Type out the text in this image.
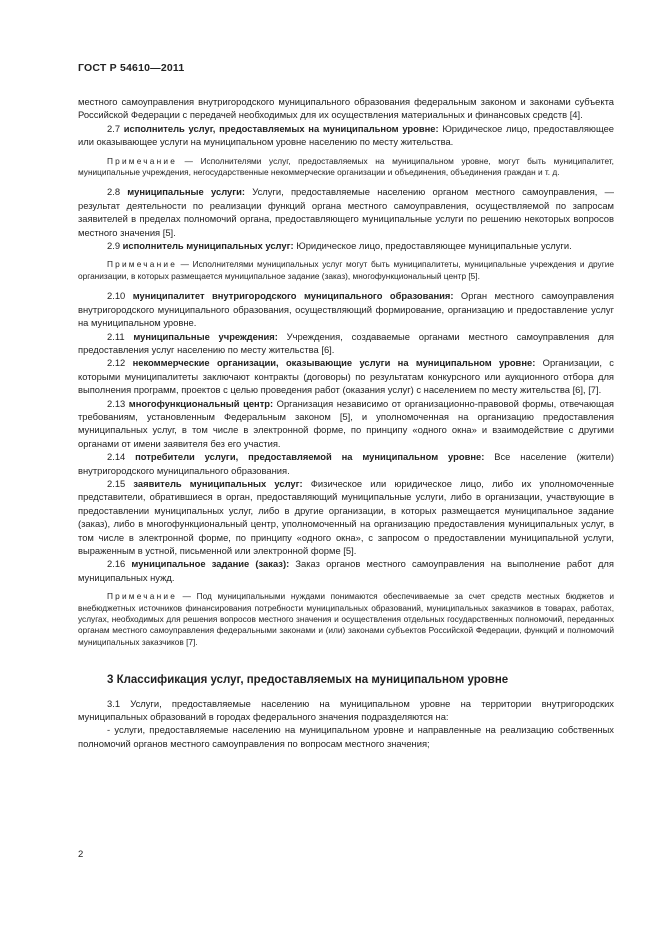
ГОСТ Р 54610—2011

местного самоуправления внутригородского муниципального образования федеральным законом и законами субъекта Российской Федерации с передачей необходимых для их осуществления материальных и финансовых средств [4].

2.7 исполнитель услуг, предоставляемых на муниципальном уровне: Юридическое лицо, предоставляющее или оказывающее услуги на муниципальном уровне населению по месту жительства.

Примечание — Исполнителями услуг, предоставляемых на муниципальном уровне, могут быть муниципалитет, муниципальные учреждения, негосударственные некоммерческие организации и объединения, объединения граждан и т. д.

2.8 муниципальные услуги: Услуги, предоставляемые населению органом местного самоуправления, — результат деятельности по реализации функций органа местного самоуправления, осуществляемой по запросам заявителей в пределах полномочий органа, предоставляющего муниципальные услуги по решению некоторых вопросов местного значения [5].

2.9 исполнитель муниципальных услуг: Юридическое лицо, предоставляющее муниципальные услуги.

Примечание — Исполнителями муниципальных услуг могут быть муниципалитеты, муниципальные учреждения и другие организации, в которых размещается муниципальное задание (заказ), многофункциональный центр [5].

2.10 муниципалитет внутригородского муниципального образования: Орган местного самоуправления внутригородского муниципального образования, осуществляющий формирование, организацию и предоставление услуг на муниципальном уровне.

2.11 муниципальные учреждения: Учреждения, создаваемые органами местного самоуправления для предоставления услуг населению по месту жительства [6].

2.12 некоммерческие организации, оказывающие услуги на муниципальном уровне: Организации, с которыми муниципалитеты заключают контракты (договоры) по результатам конкурсного или аукционного отбора для выполнения программ, проектов с целью проведения работ (оказания услуг) с населением по месту жительства [6], [7].

2.13 многофункциональный центр: Организация независимо от организационно-правовой формы, отвечающая требованиям, установленным Федеральным законом [5], и уполномоченная на организацию предоставления муниципальных услуг, в том числе в электронной форме, по принципу «одного окна» и взаимодействие с другими органами от имени заявителя без его участия.

2.14 потребители услуги, предоставляемой на муниципальном уровне: Все население (жители) внутригородского муниципального образования.

2.15 заявитель муниципальных услуг: Физическое или юридическое лицо, либо их уполномоченные представители, обратившиеся в орган, предоставляющий муниципальные услуги, либо в организации, участвующие в предоставлении муниципальных услуг, либо в другие организации, в которых размещается муниципальное задание (заказ), либо в многофункциональный центр, уполномоченный на организацию предоставления муниципальных услуг, в том числе в электронной форме, по принципу «одного окна», с запросом о предоставлении муниципальной услуги, выраженным в устной, письменной или электронной форме [5].

2.16 муниципальное задание (заказ): Заказ органов местного самоуправления на выполнение работ для муниципальных нужд.

Примечание — Под муниципальными нуждами понимаются обеспечиваемые за счет средств местных бюджетов и внебюджетных источников финансирования потребности муниципальных образований, муниципальных заказчиков в товарах, работах, услугах, необходимых для решения вопросов местного значения и осуществления отдельных государственных полномочий, переданных органам местного самоуправления федеральными законами и (или) законами субъектов Российской Федерации, функций и полномочий муниципальных заказчиков [7].

3 Классификация услуг, предоставляемых на муниципальном уровне

3.1 Услуги, предоставляемые населению на муниципальном уровне на территории внутригородских муниципальных образований в городах федерального значения подразделяются на:

- услуги, предоставляемые населению на муниципальном уровне и направленные на реализацию собственных полномочий органов местного самоуправления по вопросам местного значения;

2
